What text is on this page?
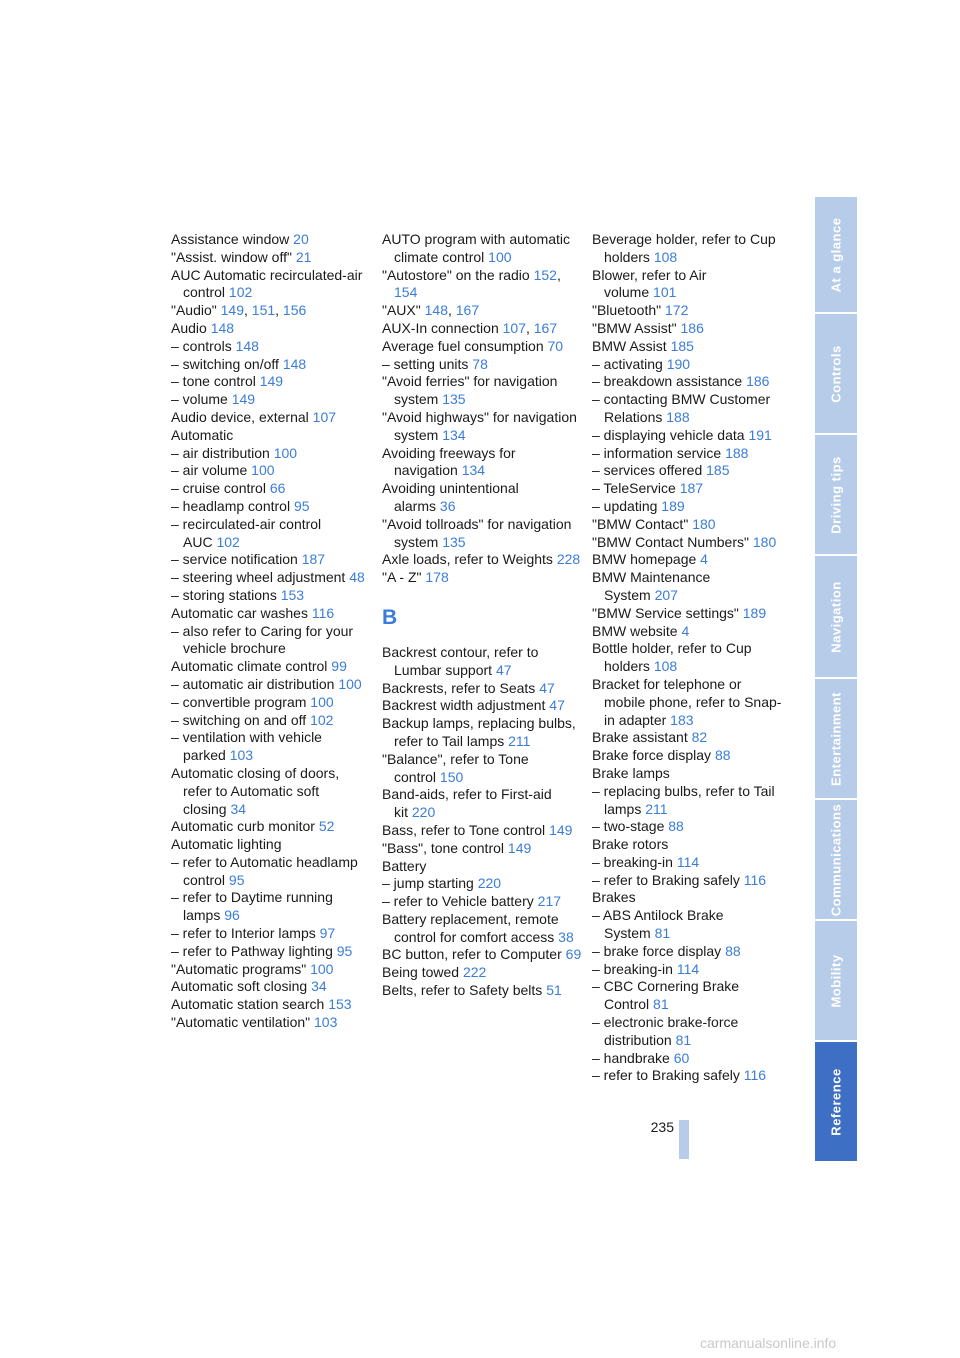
Assistance window 20
"Assist. window off" 21
AUC Automatic recirculated-air control 102
"Audio" 149, 151, 156
Audio 148
– controls 148
– switching on/off 148
– tone control 149
– volume 149
Audio device, external 107
Automatic
– air distribution 100
– air volume 100
– cruise control 66
– headlamp control 95
– recirculated-air control AUC 102
– service notification 187
– steering wheel adjustment 48
– storing stations 153
Automatic car washes 116
– also refer to Caring for your vehicle brochure
Automatic climate control 99
– automatic air distribution 100
– convertible program 100
– switching on and off 102
– ventilation with vehicle parked 103
Automatic closing of doors, refer to Automatic soft closing 34
Automatic curb monitor 52
Automatic lighting
– refer to Automatic headlamp control 95
– refer to Daytime running lamps 96
– refer to Interior lamps 97
– refer to Pathway lighting 95
"Automatic programs" 100
Automatic soft closing 34
Automatic station search 153
"Automatic ventilation" 103
AUTO program with automatic climate control 100
"Autostore" on the radio 152, 154
"AUX" 148, 167
AUX-In connection 107, 167
Average fuel consumption 70
– setting units 78
"Avoid ferries" for navigation system 135
"Avoid highways" for navigation system 134
Avoiding freeways for navigation 134
Avoiding unintentional alarms 36
"Avoid tollroads" for navigation system 135
Axle loads, refer to Weights 228
"A - Z" 178
B
Backrest contour, refer to Lumbar support 47
Backrests, refer to Seats 47
Backrest width adjustment 47
Backup lamps, replacing bulbs, refer to Tail lamps 211
"Balance", refer to Tone control 150
Band-aids, refer to First-aid kit 220
Bass, refer to Tone control 149
"Bass", tone control 149
Battery
– jump starting 220
– refer to Vehicle battery 217
Battery replacement, remote control for comfort access 38
BC button, refer to Computer 69
Being towed 222
Belts, refer to Safety belts 51
Beverage holder, refer to Cup holders 108
Blower, refer to Air volume 101
"Bluetooth" 172
"BMW Assist" 186
BMW Assist 185
– activating 190
– breakdown assistance 186
– contacting BMW Customer Relations 188
– displaying vehicle data 191
– information service 188
– services offered 185
– TeleService 187
– updating 189
"BMW Contact" 180
"BMW Contact Numbers" 180
BMW homepage 4
BMW Maintenance System 207
"BMW Service settings" 189
BMW website 4
Bottle holder, refer to Cup holders 108
Bracket for telephone or mobile phone, refer to Snap-in adapter 183
Brake assistant 82
Brake force display 88
Brake lamps
– replacing bulbs, refer to Tail lamps 211
– two-stage 88
Brake rotors
– breaking-in 114
– refer to Braking safely 116
Brakes
– ABS Antilock Brake System 81
– brake force display 88
– breaking-in 114
– CBC Cornering Brake Control 81
– electronic brake-force distribution 81
– handbrake 60
– refer to Braking safely 116
At a glance
Controls
Driving tips
Navigation
Entertainment
Communications
Mobility
Reference
235
carmanualsonline.info
